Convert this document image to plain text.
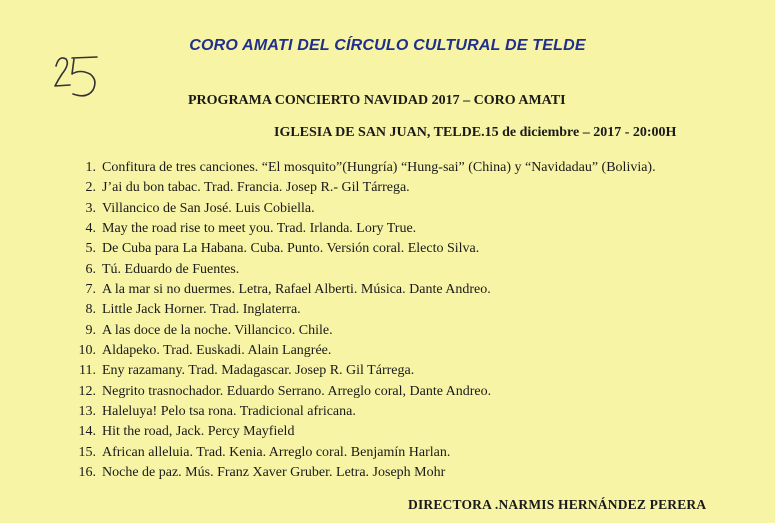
CORO AMATI DEL CÍRCULO CULTURAL DE TELDE
PROGRAMA CONCIERTO NAVIDAD 2017 – CORO AMATI
IGLESIA DE SAN JUAN, TELDE.15 de diciembre – 2017 - 20:00H
1.
Confitura de tres canciones. “El mosquito”(Hungría) “Hung-sai” (China) y “Navidadau” (Bolivia).
2.
J’ai du bon tabac. Trad. Francia. Josep R.- Gil Tárrega.
3.
Villancico de San José. Luis Cobiella.
4.
May the road rise to meet you. Trad. Irlanda. Lory True.
5.
De Cuba para La Habana. Cuba. Punto. Versión coral. Electo Silva.
6.
Tú. Eduardo de Fuentes.
7.
A la mar si no duermes. Letra, Rafael Alberti. Música. Dante Andreo.
8.
Little Jack Horner. Trad. Inglaterra.
9.
A las doce de la noche. Villancico. Chile.
10.
Aldapeko. Trad. Euskadi. Alain Langrée.
11.
Eny razamany. Trad. Madagascar. Josep R. Gil Tárrega.
12.
Negrito trasnochador. Eduardo Serrano. Arreglo coral, Dante Andreo.
13.
Haleluya! Pelo tsa rona. Tradicional africana.
14.
Hit the road, Jack. Percy Mayfield
15.
African alleluia. Trad. Kenia. Arreglo coral. Benjamín Harlan.
16.
Noche de paz. Mús. Franz Xaver Gruber. Letra. Joseph Mohr
DIRECTORA .NARMIS HERNÁNDEZ PERERA
